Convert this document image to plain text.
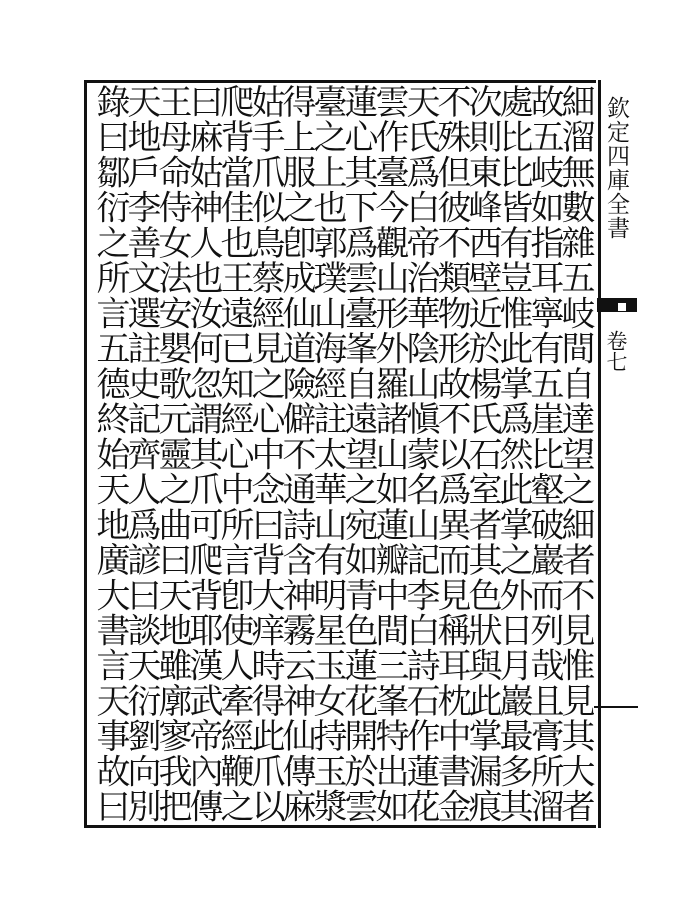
欽定四庫全書
卷七
細溜無數雜五岐間自達望之細者不見惟見其大者
故五岐如指耳寧有五崖比壑破巖而列哉且膏所溜
處比比皆有豈惟此掌爲然此掌之外日月巖最多其
次則東峰西壁近於楊氏石室者其色狀與此掌漏痕
不殊但彼不類物形故不以爲異而見稱耳枕中書金
天氏爲白帝治華陰山愼蒙名山記李白詩石作蓮花
雲作臺今觀山形外羅諸山如蓮瓣中間三峯特出如
蓮心其下爲雲臺峯自遠望之宛如青色蓮花開於雲
臺之上也郭璞山海經註太華山有明星玉女持玉漿
得上服之卽成仙道險僻不通詩含神霧云神仙傳麻
姑手爪似鳥蔡經見之心中念曰背大痒時得此爪以
爬背當佳也王遠已知經心中所言卽使人牽經鞭之
曰麻姑神人也汝何忽謂其爪可爬背耶漢武帝內傳
王母命侍女法安嬰歌元靈之曲曰天地雖廓寥我把
天地戶李善文選註史記齊人爲諺曰談天衍劉向別
錄曰鄒衍之所言五德終始天地廣大書言天事故曰
